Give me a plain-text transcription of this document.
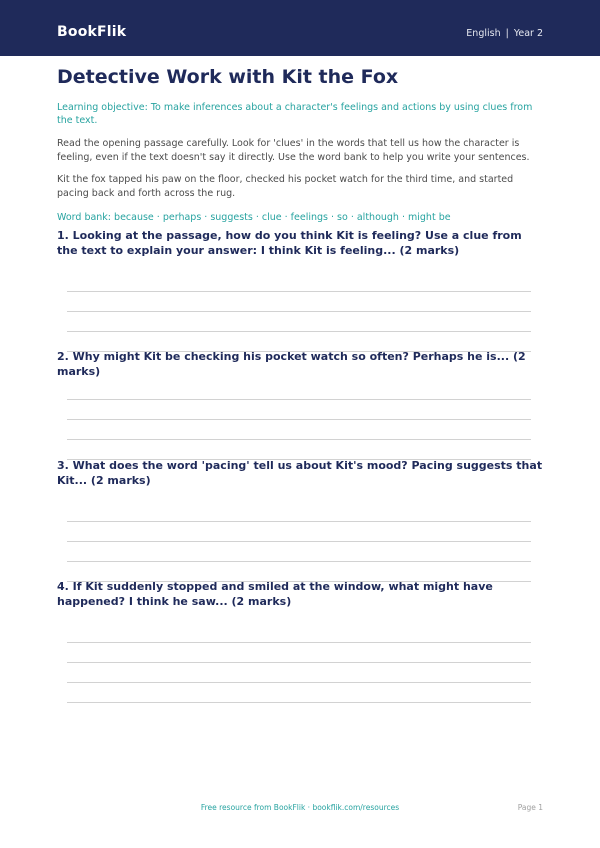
BookFlik	English | Year 2
Detective Work with Kit the Fox

Learning objective: To make inferences about a character's feelings and actions by using clues from the text.

Read the opening passage carefully. Look for 'clues' in the words that tell us how the character is feeling, even if the text doesn't say it directly. Use the word bank to help you write your sentences.

Kit the fox tapped his paw on the floor, checked his pocket watch for the third time, and started pacing back and forth across the rug.

Word bank: because · perhaps · suggests · clue · feelings · so · although · might be

1. Looking at the passage, how do you think Kit is feeling? Use a clue from the text to explain your answer: I think Kit is feeling... (2 marks)

2. Why might Kit be checking his pocket watch so often? Perhaps he is... (2 marks)

3. What does the word 'pacing' tell us about Kit's mood? Pacing suggests that Kit... (2 marks)

4. If Kit suddenly stopped and smiled at the window, what might have happened? I think he saw... (2 marks)

Free resource from BookFlik · bookflik.com/resources	Page 1
